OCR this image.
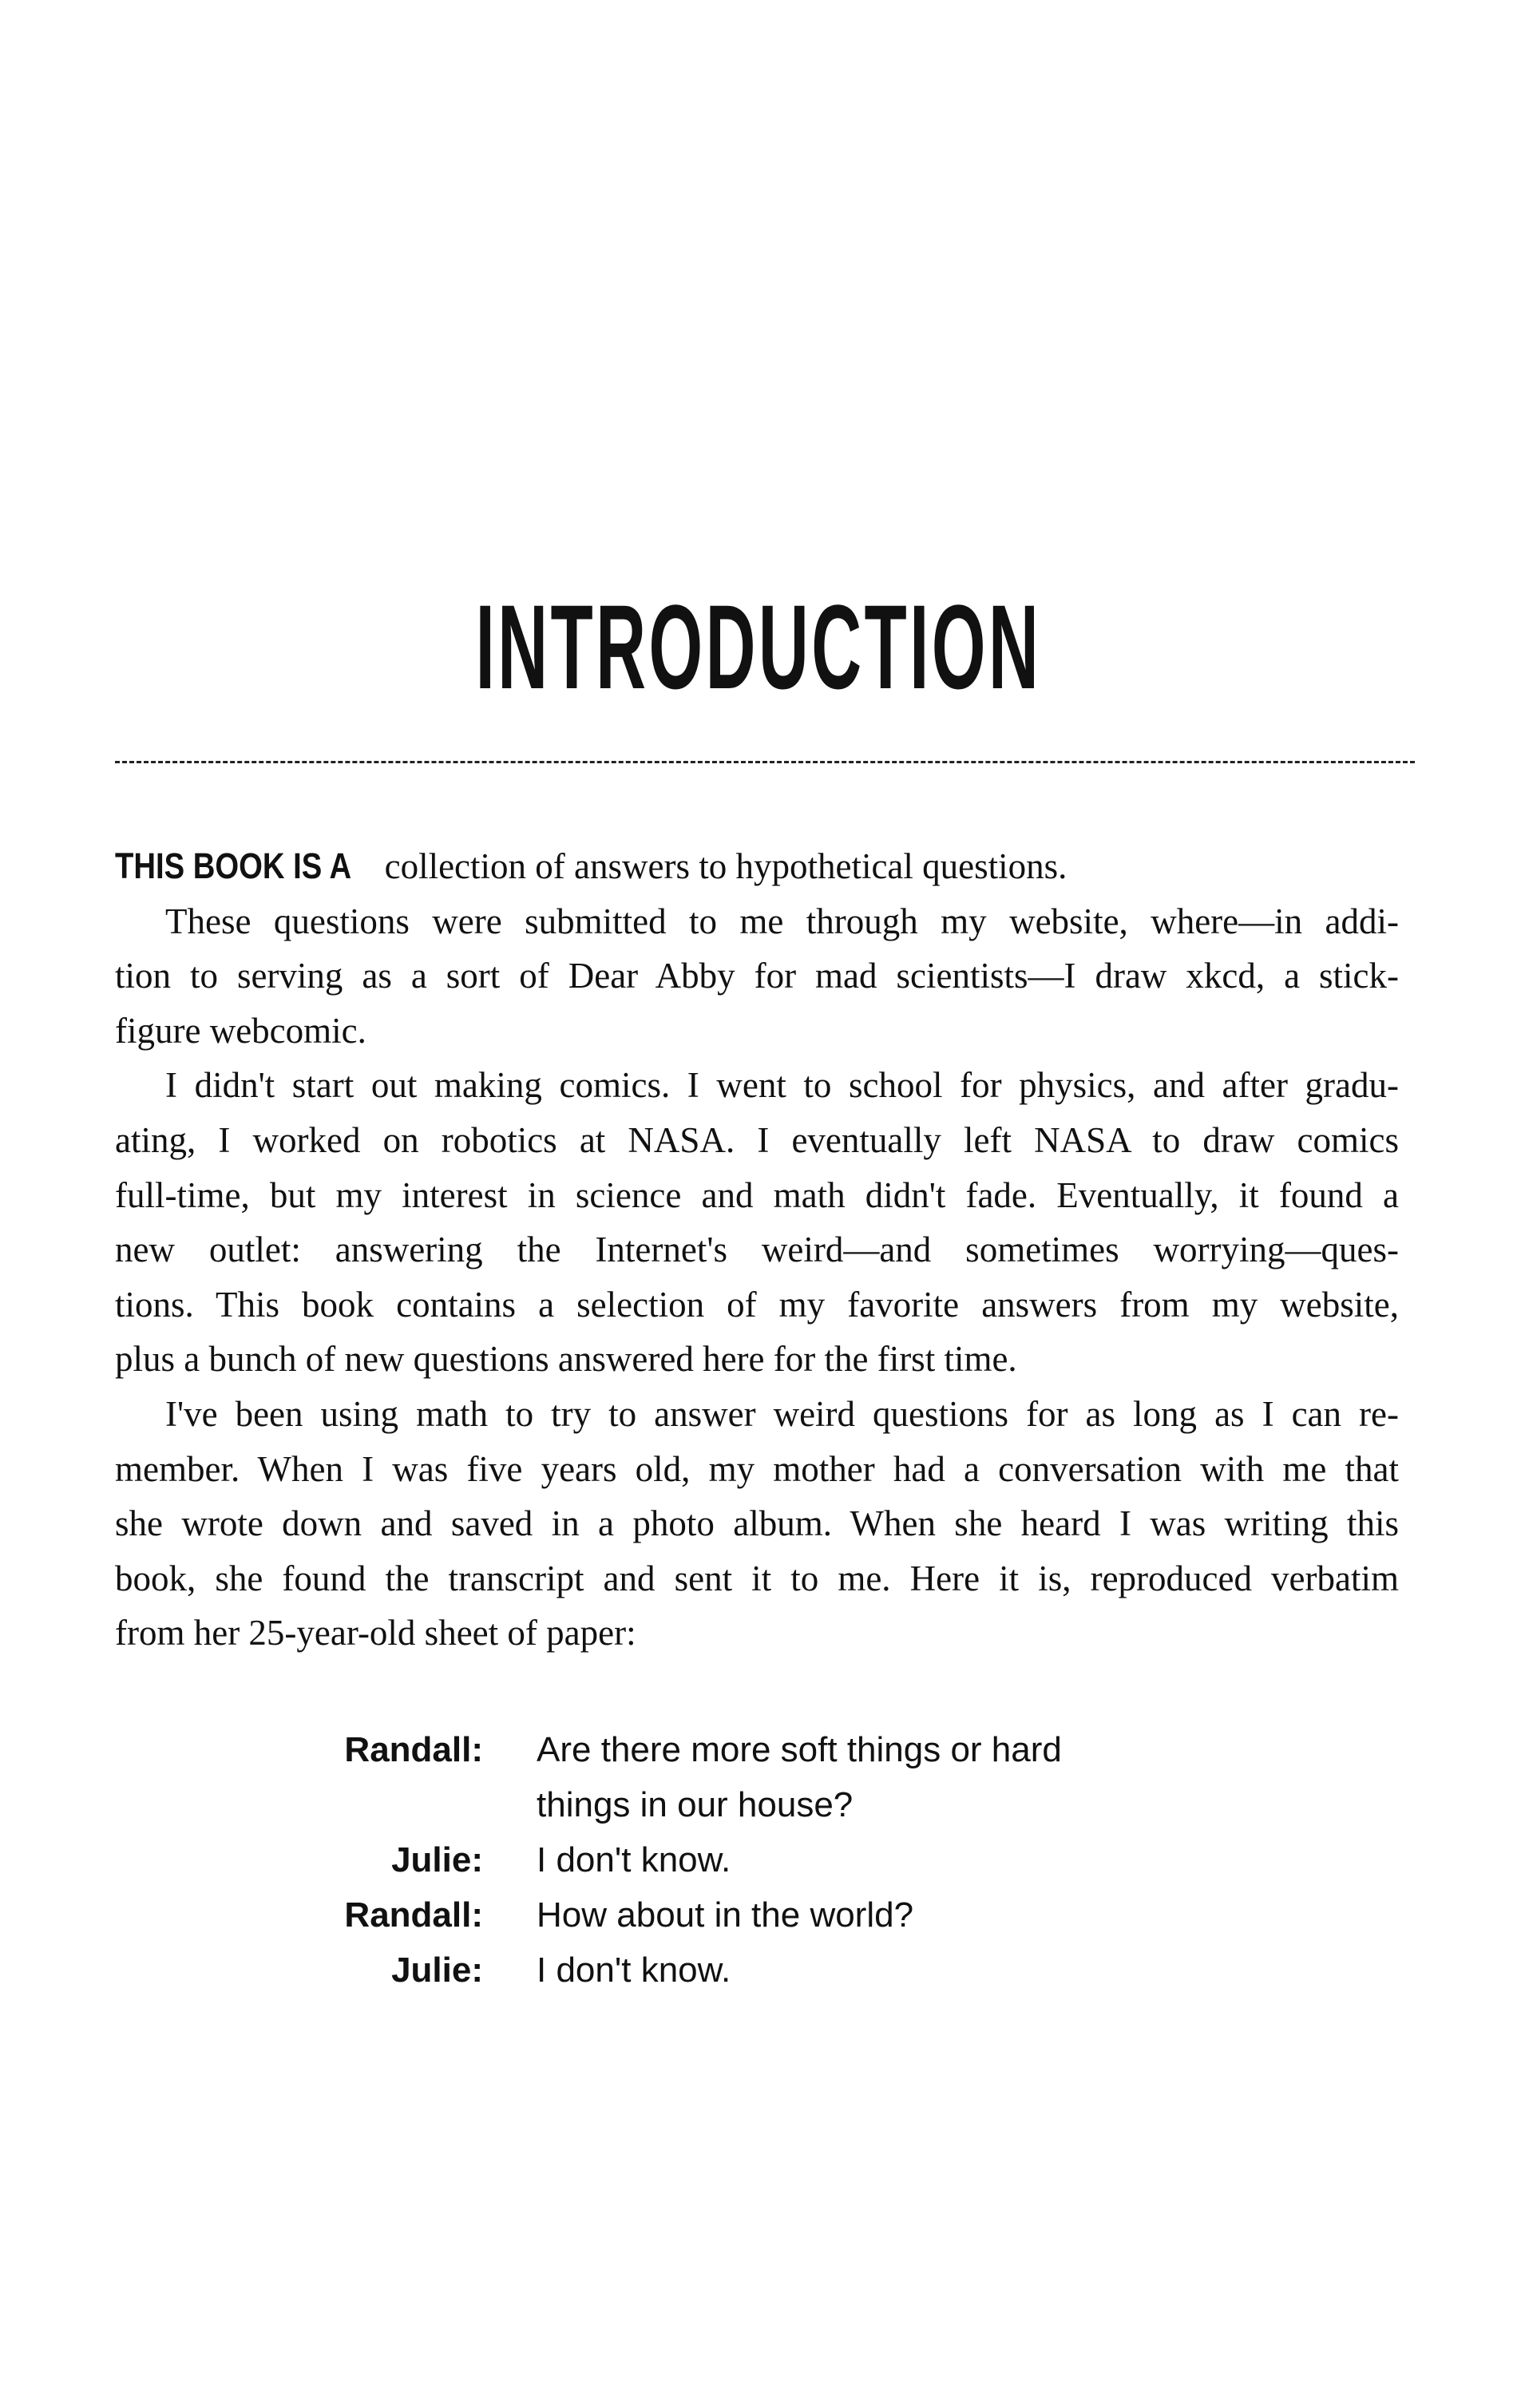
INTRODUCTION
THIS BOOK IS A collection of answers to hypothetical questions.
These questions were submitted to me through my website, where—in addi-
tion to serving as a sort of Dear Abby for mad scientists—I draw xkcd, a stick-
figure webcomic.
I didn't start out making comics. I went to school for physics, and after gradu-
ating, I worked on robotics at NASA. I eventually left NASA to draw comics
full-time, but my interest in science and math didn't fade. Eventually, it found a
new outlet: answering the Internet's weird—and sometimes worrying—ques-
tions. This book contains a selection of my favorite answers from my website,
plus a bunch of new questions answered here for the first time.
I've been using math to try to answer weird questions for as long as I can re-
member. When I was five years old, my mother had a conversation with me that
she wrote down and saved in a photo album. When she heard I was writing this
book, she found the transcript and sent it to me. Here it is, reproduced verbatim
from her 25-year-old sheet of paper:
Randall: Are there more soft things or hard
things in our house?
Julie: I don't know.
Randall: How about in the world?
Julie: I don't know.
